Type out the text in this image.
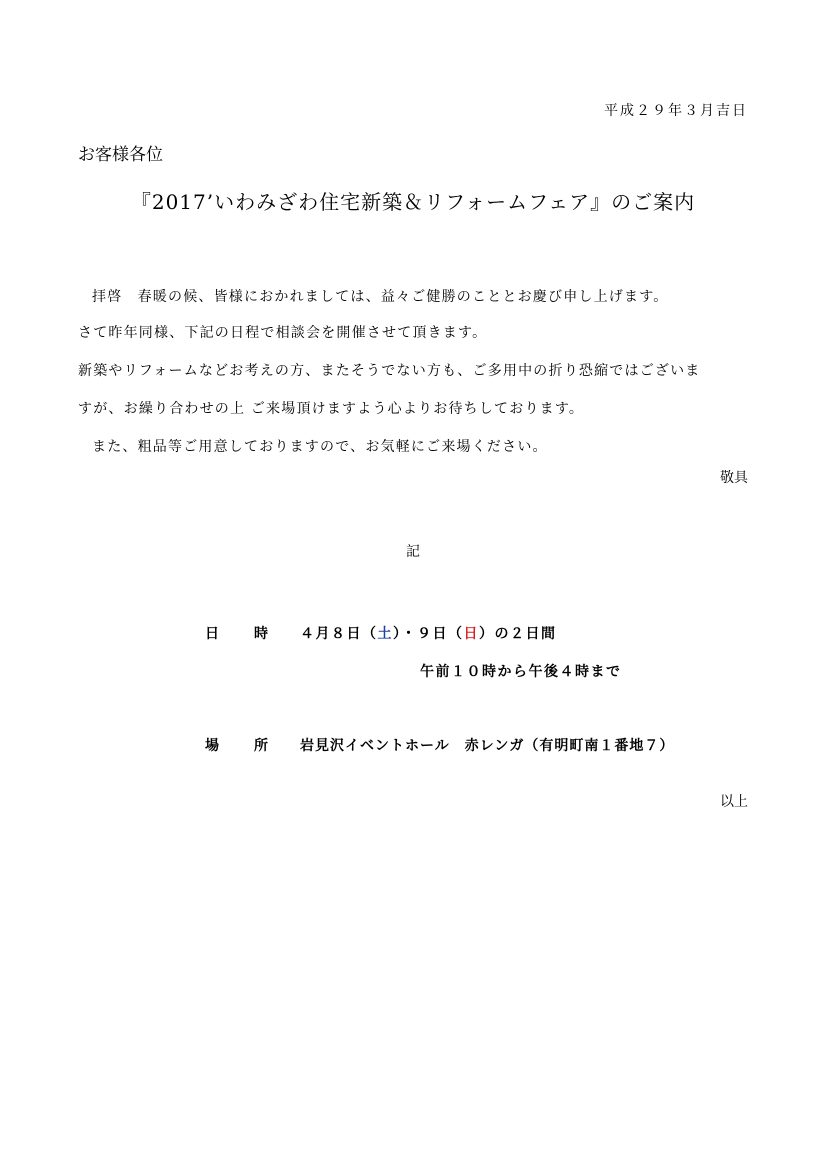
平成２９年３月吉日
お客様各位
『2017’いわみざわ住宅新築＆リフォームフェア』のご案内
拝啓　春暖の候、皆様におかれましては、益々ご健勝のこととお慶び申し上げます。
さて昨年同様、下記の日程で相談会を開催させて頂きます。
新築やリフォームなどお考えの方、またそうでない方も、ご多用中の折り恐縮ではございま
すが、お繰り合わせの上 ご来場頂けますよう心よりお待ちしております。
また、粗品等ご用意しておりますので、お気軽にご来場ください。
敬具
記
日	時 ４月８日（土）・９日（日）の２日間
午前１０時から午後４時まで
場	所 岩見沢イベントホール　赤レンガ（有明町南１番地７）
以上
